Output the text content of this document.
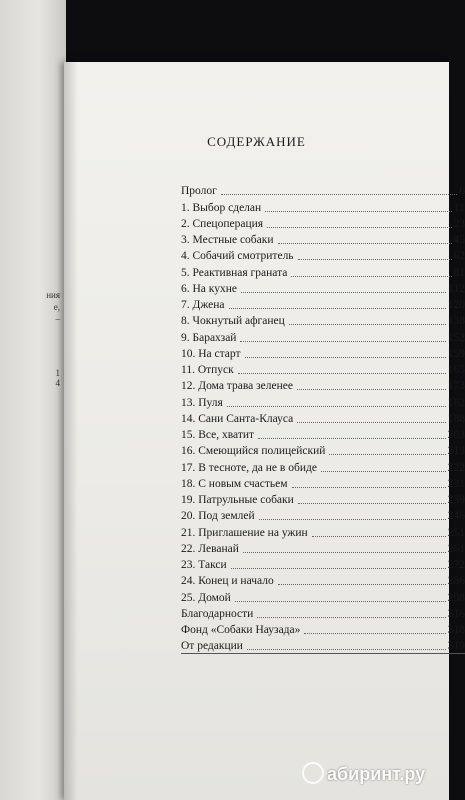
ния
е,
–
1
4
СОДЕРЖАНИЕ
Пролог	6
1. Выбор сделан	11
2. Спецоперация	23
3. Местные собаки	45
4. Собачий смотритель	62
5. Реактивная граната	81
6. На кухне	112
7. Джена	120
8. Чокнутый афганец	138
9. Барахзай	152
10. На старт	159
11. Отпуск	165
12. Дома трава зеленее	173
13. Пуля	182
14. Сани Санта-Клауса	188
15. Все, хватит	203
16. Смеющийся полицейский	213
17. В тесноте, да не в обиде	222
18. С новым счастьем	231
19. Патрульные собаки	239
20. Под землей	246
21. Приглашение на ужин	251
22. Леванай	261
23. Такси	272
24. Конец и начало	286
25. Домой	298
Благодарности	316
Фонд «Собаки Наузада»	318
От редакции	319
абиринт.ру
